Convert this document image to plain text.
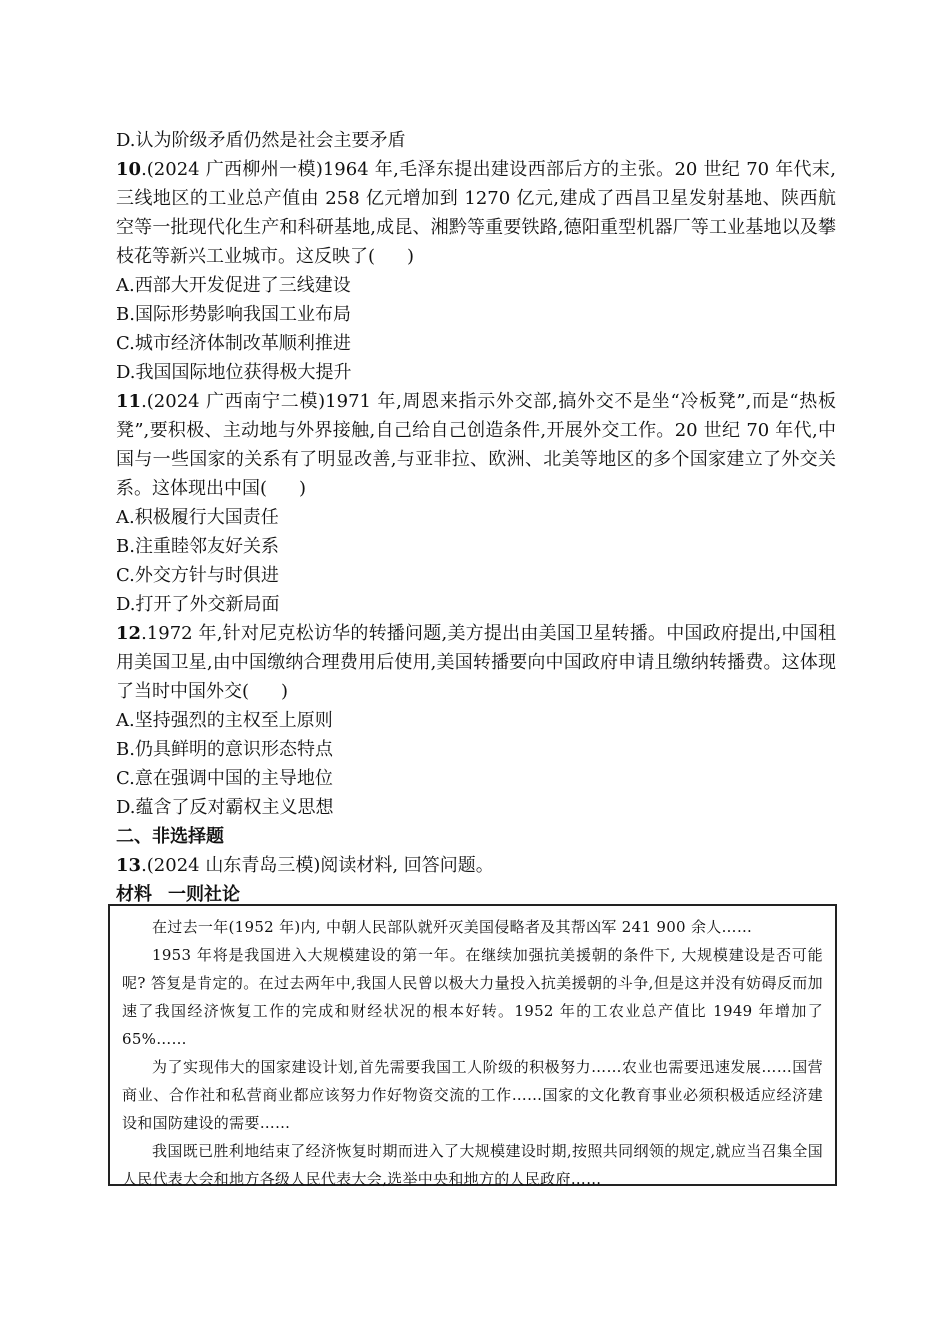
D.认为阶级矛盾仍然是社会主要矛盾

10.(2024 广西柳州一模)1964 年,毛泽东提出建设西部后方的主张。20 世纪 70 年代末,三线地区的工业总产值由 258 亿元增加到 1270 亿元,建成了西昌卫星发射基地、陕西航空等一批现代化生产和科研基地,成昆、湘黔等重要铁路,德阳重型机器厂等工业基地以及攀枝花等新兴工业城市。这反映了( )

A.西部大开发促进了三线建设
B.国际形势影响我国工业布局
C.城市经济体制改革顺利推进
D.我国国际地位获得极大提升

11.(2024 广西南宁二模)1971 年,周恩来指示外交部,搞外交不是坐“冷板凳”,而是“热板凳”,要积极、主动地与外界接触,自己给自己创造条件,开展外交工作。20 世纪 70 年代,中国与一些国家的关系有了明显改善,与亚非拉、欧洲、北美等地区的多个国家建立了外交关系。这体现出中国( )

A.积极履行大国责任
B.注重睦邻友好关系
C.外交方针与时俱进
D.打开了外交新局面

12.1972 年,针对尼克松访华的转播问题,美方提出由美国卫星转播。中国政府提出,中国租用美国卫星,由中国缴纳合理费用后使用,美国转播要向中国政府申请且缴纳转播费。这体现了当时中国外交( )

A.坚持强烈的主权至上原则
B.仍具鲜明的意识形态特点
C.意在强调中国的主导地位
D.蕴含了反对霸权主义思想
二、非选择题

13.(2024 山东青岛三模)阅读材料, 回答问题。

材料 一则社论

在过去一年(1952 年)内, 中朝人民部队就歼灭美国侵略者及其帮凶军 241 900 余人……

1953 年将是我国进入大规模建设的第一年。在继续加强抗美援朝的条件下, 大规模建设是否可能呢? 答复是肯定的。在过去两年中,我国人民曾以极大力量投入抗美援朝的斗争,但是这并没有妨碍反而加速了我国经济恢复工作的完成和财经状况的根本好转。1952 年的工农业总产值比 1949 年增加了 65%……

为了实现伟大的国家建设计划,首先需要我国工人阶级的积极努力……农业也需要迅速发展……国营商业、合作社和私营商业都应该努力作好物资交流的工作……国家的文化教育事业必须积极适应经济建设和国防建设的需要……

我国既已胜利地结束了经济恢复时期而进入了大规模建设时期,按照共同纲领的规定,就应当召集全国人民代表大会和地方各级人民代表大会,选举中央和地方的人民政府……
